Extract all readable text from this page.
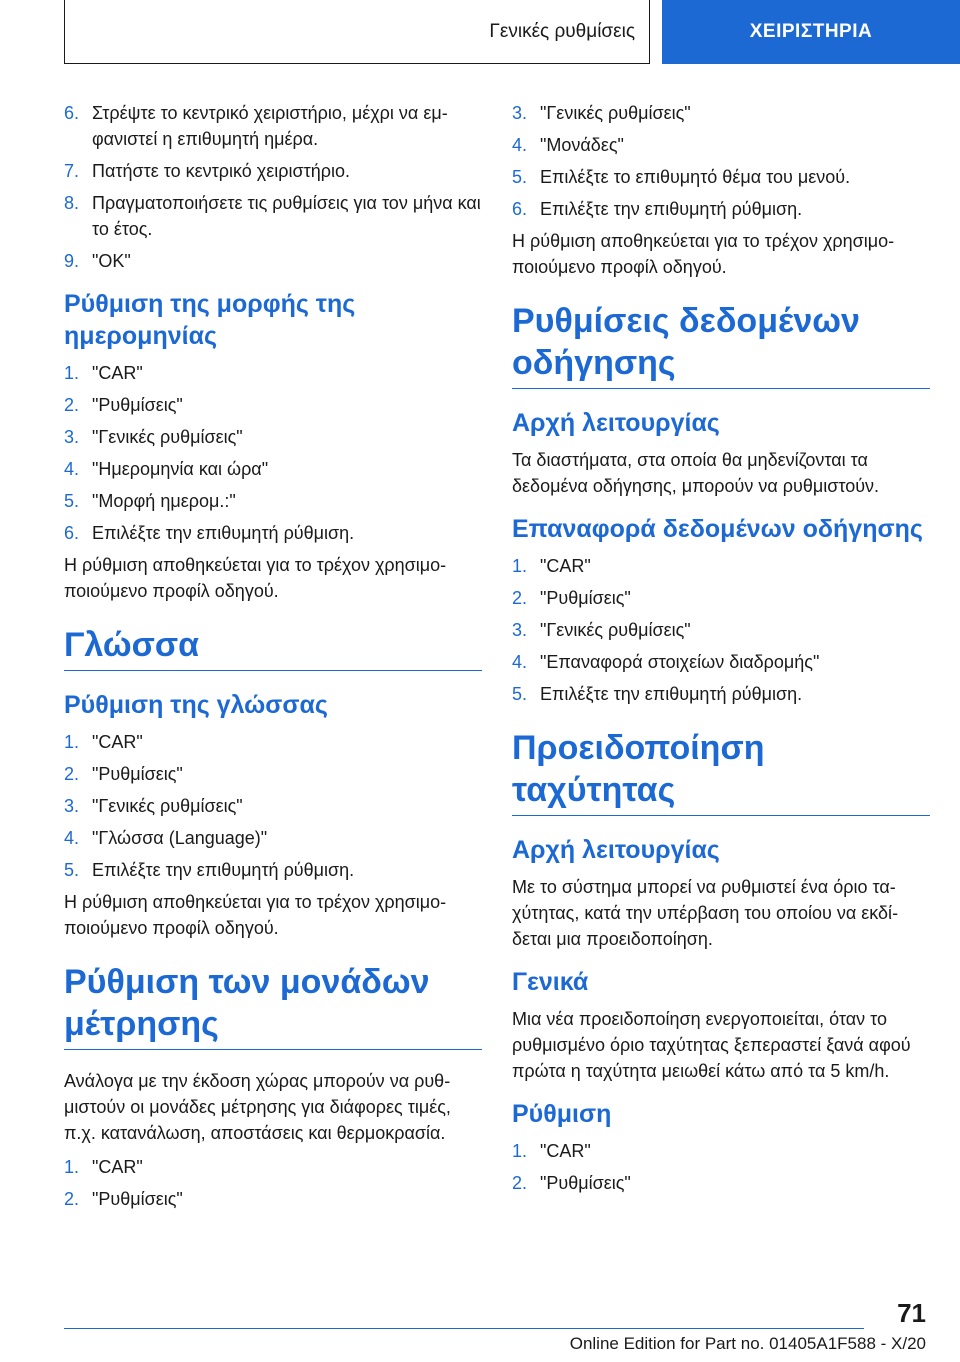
Γενικές ρυθμίσεις	ΧΕΙΡΙΣΤΗΡΙΑ
6. Στρέψτε το κεντρικό χειριστήριο, μέχρι να εμφανιστεί η επιθυμητή ημέρα.
7. Πατήστε το κεντρικό χειριστήριο.
8. Πραγματοποιήσετε τις ρυθμίσεις για τον μήνα και το έτος.
9. "OK"
Ρύθμιση της μορφής της ημερομηνίας
1. "CAR"
2. "Ρυθμίσεις"
3. "Γενικές ρυθμίσεις"
4. "Ημερομηνία και ώρα"
5. "Μορφή ημερομ.:"
6. Επιλέξτε την επιθυμητή ρύθμιση.

Η ρύθμιση αποθηκεύεται για το τρέχον χρησιμοποιούμενο προφίλ οδηγού.

Γλώσσα
Ρύθμιση της γλώσσας
1. "CAR"
2. "Ρυθμίσεις"
3. "Γενικές ρυθμίσεις"
4. "Γλώσσα (Language)"
5. Επιλέξτε την επιθυμητή ρύθμιση.

Η ρύθμιση αποθηκεύεται για το τρέχον χρησιμοποιούμενο προφίλ οδηγού.

Ρύθμιση των μονάδων μέτρησης

Ανάλογα με την έκδοση χώρας μπορούν να ρυθμιστούν οι μονάδες μέτρησης για διάφορες τιμές, π.χ. κατανάλωση, αποστάσεις και θερμοκρασία.

1. "CAR"
2. "Ρυθμίσεις"
3. "Γενικές ρυθμίσεις"
4. "Μονάδες"
5. Επιλέξτε το επιθυμητό θέμα του μενού.
6. Επιλέξτε την επιθυμητή ρύθμιση.

Η ρύθμιση αποθηκεύεται για το τρέχον χρησιμοποιούμενο προφίλ οδηγού.

Ρυθμίσεις δεδομένων οδήγησης
Αρχή λειτουργίας

Τα διαστήματα, στα οποία θα μηδενίζονται τα δεδομένα οδήγησης, μπορούν να ρυθμιστούν.

Επαναφορά δεδομένων οδήγησης
1. "CAR"
2. "Ρυθμίσεις"
3. "Γενικές ρυθμίσεις"
4. "Επαναφορά στοιχείων διαδρομής"
5. Επιλέξτε την επιθυμητή ρύθμιση.
Προειδοποίηση ταχύτητας
Αρχή λειτουργίας

Με το σύστημα μπορεί να ρυθμιστεί ένα όριο ταχύτητας, κατά την υπέρβαση του οποίου να εκδίδεται μια προειδοποίηση.

Γενικά

Μια νέα προειδοποίηση ενεργοποιείται, όταν το ρυθμισμένο όριο ταχύτητας ξεπεραστεί ξανά αφού πρώτα η ταχύτητα μειωθεί κάτω από τα 5 km/h.

Ρύθμιση
1. "CAR"
2. "Ρυθμίσεις"
71
Online Edition for Part no. 01405A1F588 - X/20
